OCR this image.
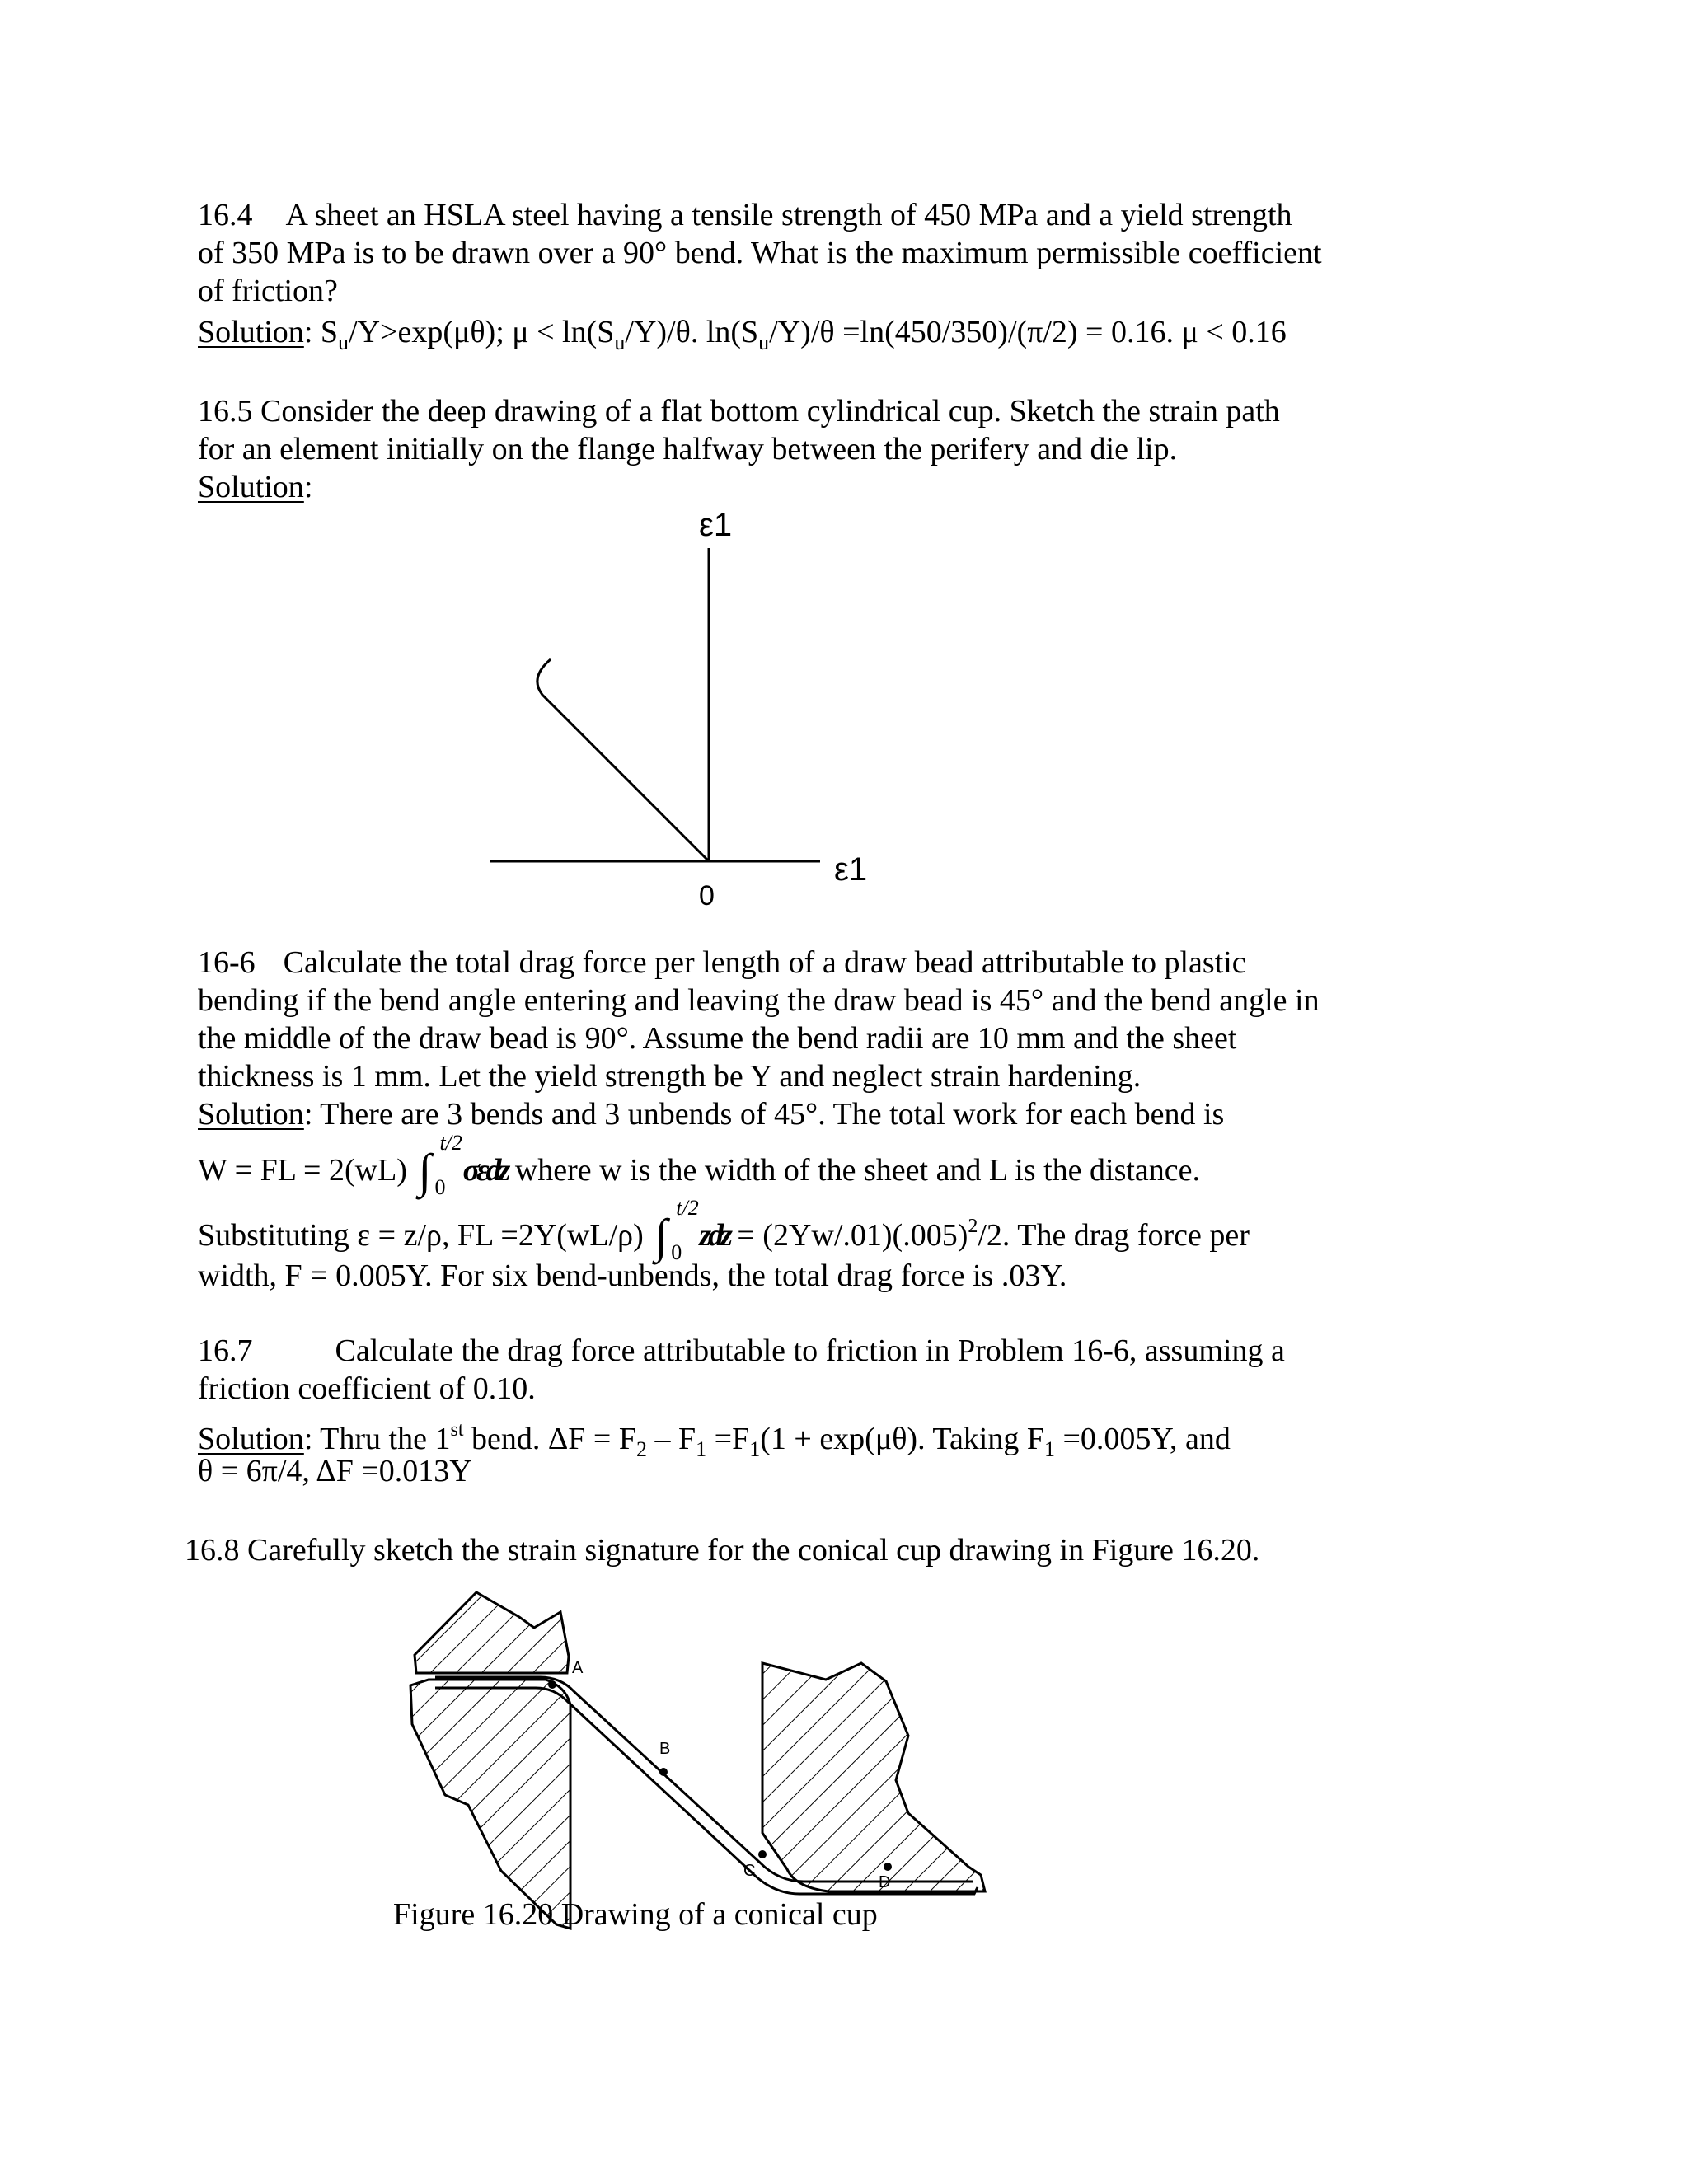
16.4 A sheet an HSLA steel having a tensile strength of 450 MPa and a yield strength
of 350 MPa is to be drawn over a 90° bend. What is the maximum permissible coefficient
of friction?
Solution: $S_u/Y>\exp(\mu\theta)$; $\mu < \ln(S_u/Y)/\theta$. $\ln(S_u/Y)/\theta =\ln(450/350)/(\pi/2) = 0.16$. μ < 0.16
16.5 Consider the deep drawing of a flat bottom cylindrical cup. Sketch the strain path
for an element initially on the flange halfway between the perifery and die lip.
Solution:
ε1
ε1
0
16-6 Calculate the total drag force per length of a draw bead attributable to plastic
bending if the bend angle entering and leaving the draw bead is 45° and the bend angle in
the middle of the draw bead is 90°. Assume the bend radii are 10 mm and the sheet
thickness is 1 mm. Let the yield strength be Y and neglect strain hardening.
Solution: There are 3 bends and 3 unbends of 45°. The total work for each bend is
W = FL = 2(wL) ∫
t/2
0 σεdz where w is the width of the sheet and L is the distance.
Substituting ε = z/ρ, FL =2Y(wL/ρ) ∫
t/2
0 zdz = $(2Yw/.01)(.005)^2/2$. The drag force per
width, F = 0.005Y. For six bend-unbends, the total drag force is .03Y.
16.7	Calculate the drag force attributable to friction in Problem 16-6, assuming a
friction coefficient of 0.10.
Solution: Thru the 1st bend. $\Delta F = F_2 - F_1 =F_1(1 + \exp(\mu\theta)$. Taking $F_1 =0.005Y$, and
θ = 6π/4, ΔF =0.013Y
16.8 Carefully sketch the strain signature for the conical cup drawing in Figure 16.20.
A
B
C
D
Figure 16.20 Drawing of a conical cup
